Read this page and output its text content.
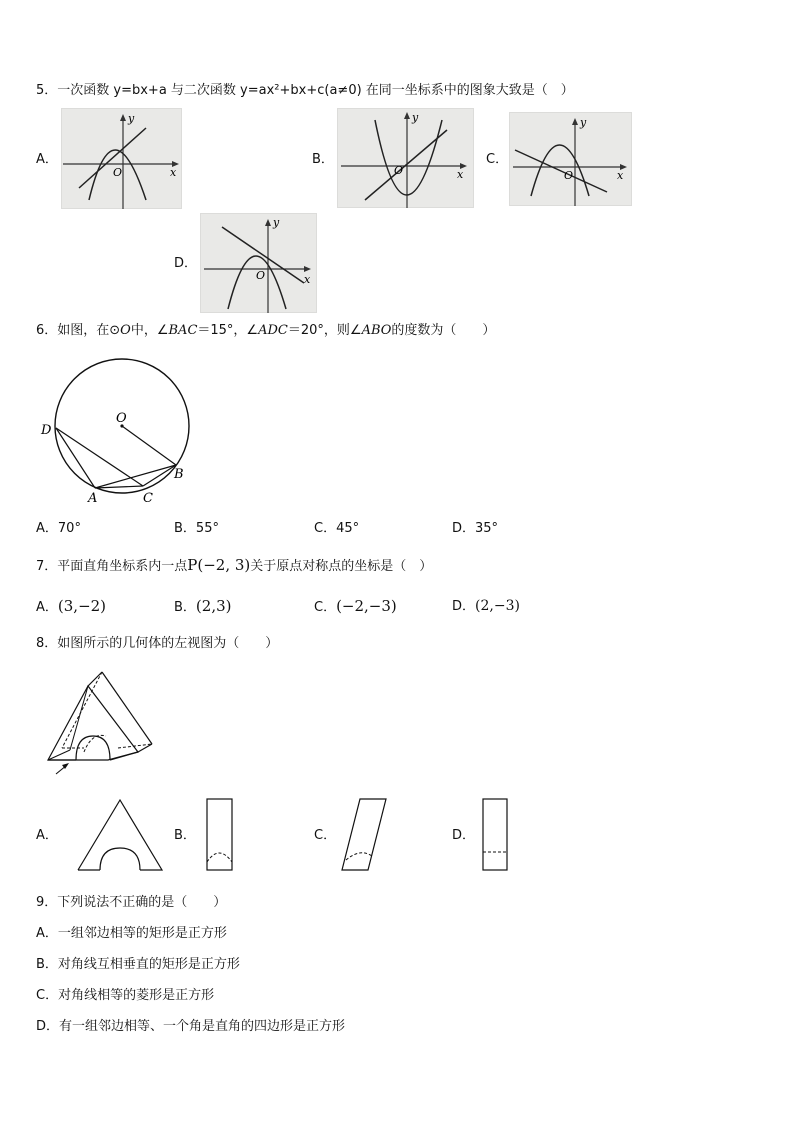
5．一次函数 y=bx+a 与二次函数 y=ax²+bx+c(a≠0) 在同一坐标系中的图象大致是（　）
A．
y
x
O
B．
y
x
O
C．
y
x
O
D．
y
x
O
6．如图，在⊙O中，∠BAC＝15°，∠ADC＝20°，则∠ABO的度数为（　　）
O
D
B
A	C
A．70°	B．55°	C．45°	D．35°
7．平面直角坐标系内一点P(−2, 3)关于原点对称点的坐标是（　）
A．(3,−2)	B．(2,3)	C．(−2,−3)	D．(2,−3)
8．如图所示的几何体的左视图为（　　）
A．	B．	C．	D．
9．下列说法不正确的是（　　）
A．一组邻边相等的矩形是正方形
B．对角线互相垂直的矩形是正方形
C．对角线相等的菱形是正方形
D．有一组邻边相等、一个角是直角的四边形是正方形
